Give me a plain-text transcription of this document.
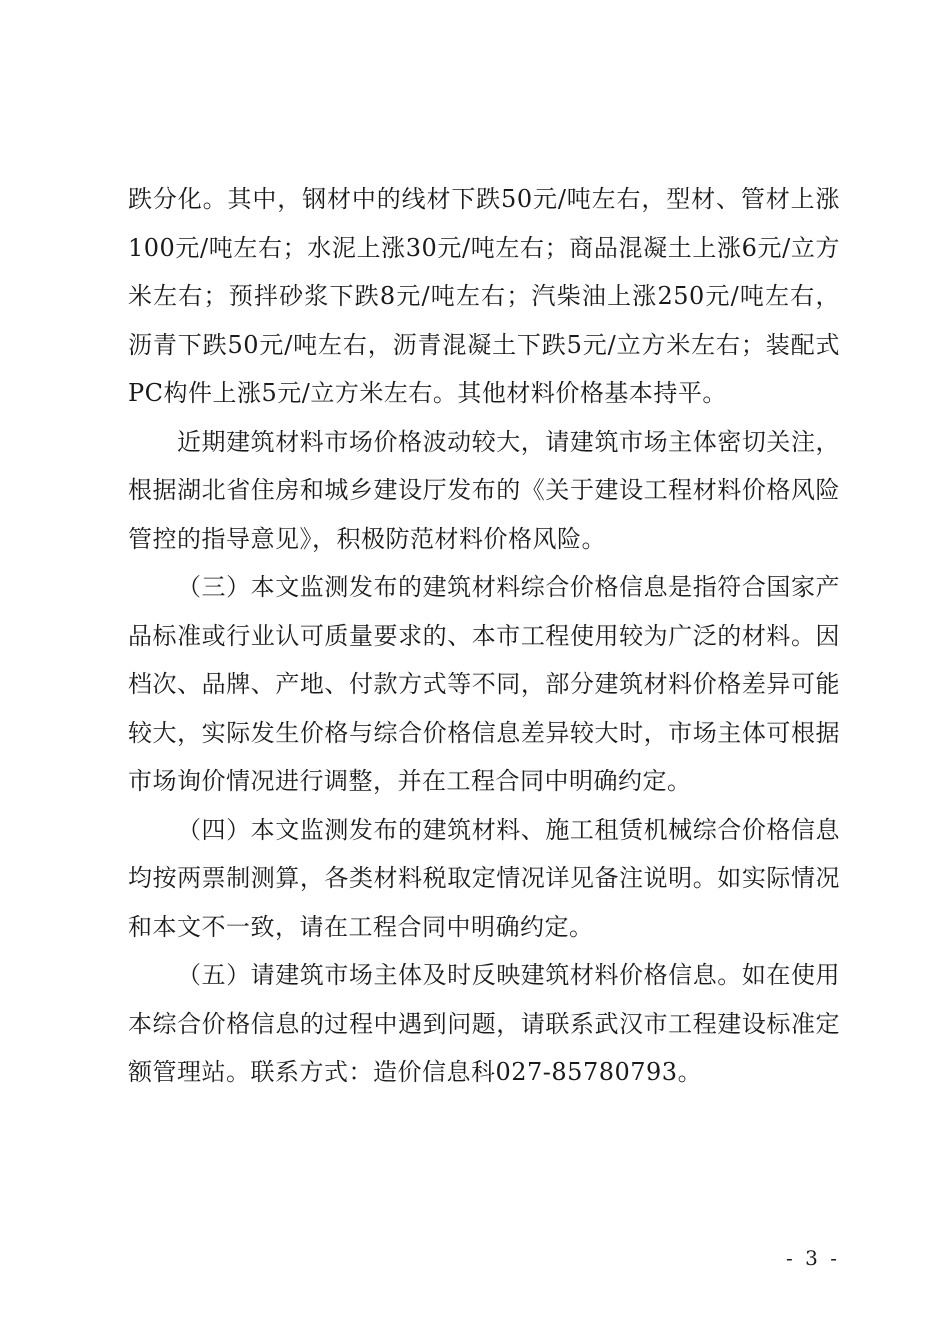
跌分化。其中，钢材中的线材下跌50元/吨左右，型材、管材上涨100元/吨左右；水泥上涨30元/吨左右；商品混凝土上涨6元/立方米左右；预拌砂浆下跌8元/吨左右；汽柴油上涨250元/吨左右，沥青下跌50元/吨左右，沥青混凝土下跌5元/立方米左右；装配式PC构件上涨5元/立方米左右。其他材料价格基本持平。

近期建筑材料市场价格波动较大，请建筑市场主体密切关注，根据湖北省住房和城乡建设厅发布的《关于建设工程材料价格风险管控的指导意见》，积极防范材料价格风险。

（三）本文监测发布的建筑材料综合价格信息是指符合国家产品标准或行业认可质量要求的、本市工程使用较为广泛的材料。因档次、品牌、产地、付款方式等不同，部分建筑材料价格差异可能较大，实际发生价格与综合价格信息差异较大时，市场主体可根据市场询价情况进行调整，并在工程合同中明确约定。

（四）本文监测发布的建筑材料、施工租赁机械综合价格信息均按两票制测算，各类材料税取定情况详见备注说明。如实际情况和本文不一致，请在工程合同中明确约定。

（五）请建筑市场主体及时反映建筑材料价格信息。如在使用本综合价格信息的过程中遇到问题，请联系武汉市工程建设标准定额管理站。联系方式：造价信息科027-85780793。

- 3 -
